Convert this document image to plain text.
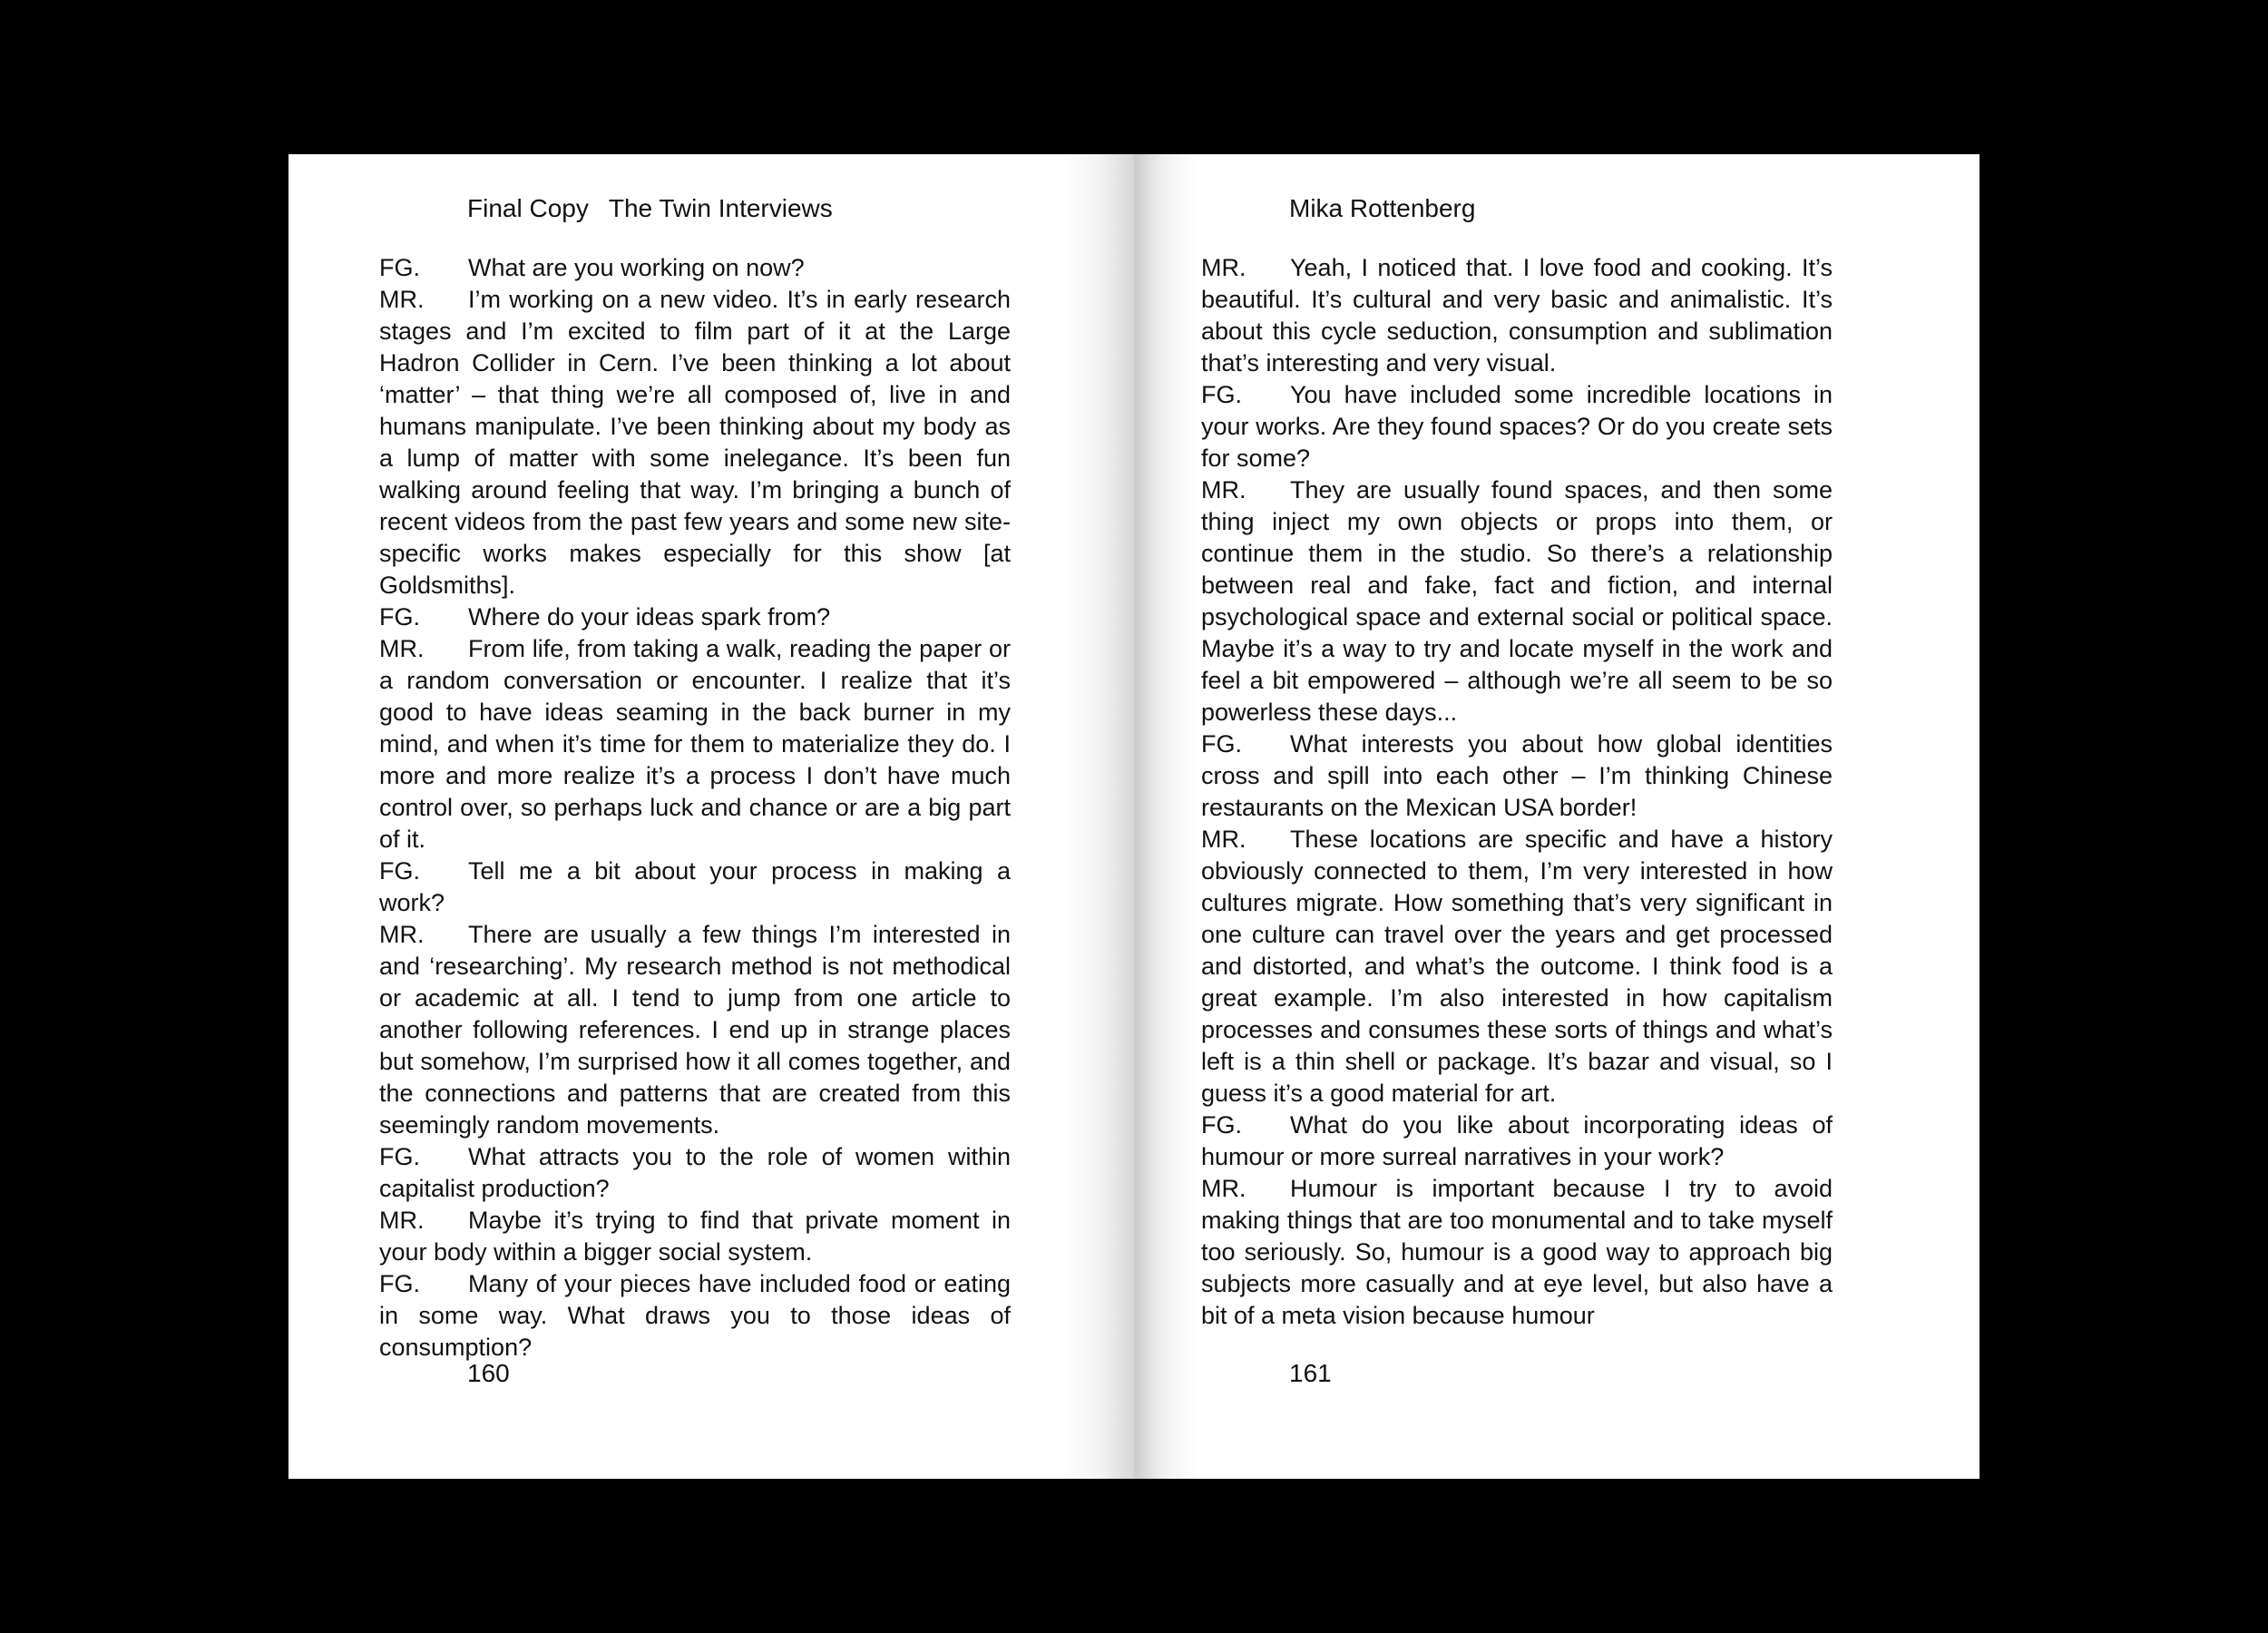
Final Copy The Twin Interviews
FG.	What are you working on now?
MR.	I’m working on a new video. It’s in early research stages and I’m excited to film part of it at the Large Hadron Collider in Cern. I’ve been thinking a lot about ‘matter’ – that thing we’re all composed of, live in and humans manipulate. I’ve been thinking about my body as a lump of matter with some inelegance. It’s been fun walking around feeling that way. I’m bringing a bunch of recent videos from the past few years and some new site-specific works makes especially for this show [at Goldsmiths].
FG.	Where do your ideas spark from?
MR.	From life, from taking a walk, reading the paper or a random conversation or encounter. I realize that it’s good to have ideas seaming in the back burner in my mind, and when it’s time for them to materialize they do. I more and more realize it’s a process I don’t have much control over, so perhaps luck and chance or are a big part of it.
FG.	Tell me a bit about your process in making a work?
MR.	There are usually a few things I’m interested in and ‘researching’. My research method is not methodical or academic at all. I tend to jump from one article to another following references. I end up in strange places but somehow, I’m surprised how it all comes together, and the connections and patterns that are created from this seemingly random movements.
FG.	What attracts you to the role of women within capitalist production?
MR.	Maybe it’s trying to find that private moment in your body within a bigger social system.
FG.	Many of your pieces have included food or eating in some way. What draws you to those ideas of consumption?
160
Mika Rottenberg
MR.	Yeah, I noticed that. I love food and cooking. It’s beautiful. It’s cultural and very basic and animalistic. It’s about this cycle seduction, consumption and sublimation that’s interesting and very visual.
FG.	You have included some incredible locations in your works. Are they found spaces? Or do you create sets for some?
MR.	They are usually found spaces, and then some thing inject my own objects or props into them, or continue them in the studio. So there’s a relationship between real and fake, fact and fiction, and internal psychological space and external social or political space. Maybe it’s a way to try and locate myself in the work and feel a bit empowered – although we’re all seem to be so powerless these days...
FG.	What interests you about how global identities cross and spill into each other – I’m thinking Chinese restaurants on the Mexican USA border!
MR.	These locations are specific and have a history obviously connected to them, I’m very interested in how cultures migrate. How something that’s very significant in one culture can travel over the years and get processed and distorted, and what’s the outcome. I think food is a great example. I’m also interested in how capitalism processes and consumes these sorts of things and what’s left is a thin shell or package. It’s bazar and visual, so I guess it’s a good material for art.
FG.	What do you like about incorporating ideas of humour or more surreal narratives in your work?
MR.	Humour is important because I try to avoid making things that are too monumental and to take myself too seriously. So, humour is a good way to approach big subjects more casually and at eye level, but also have a bit of a meta vision because humour
161
